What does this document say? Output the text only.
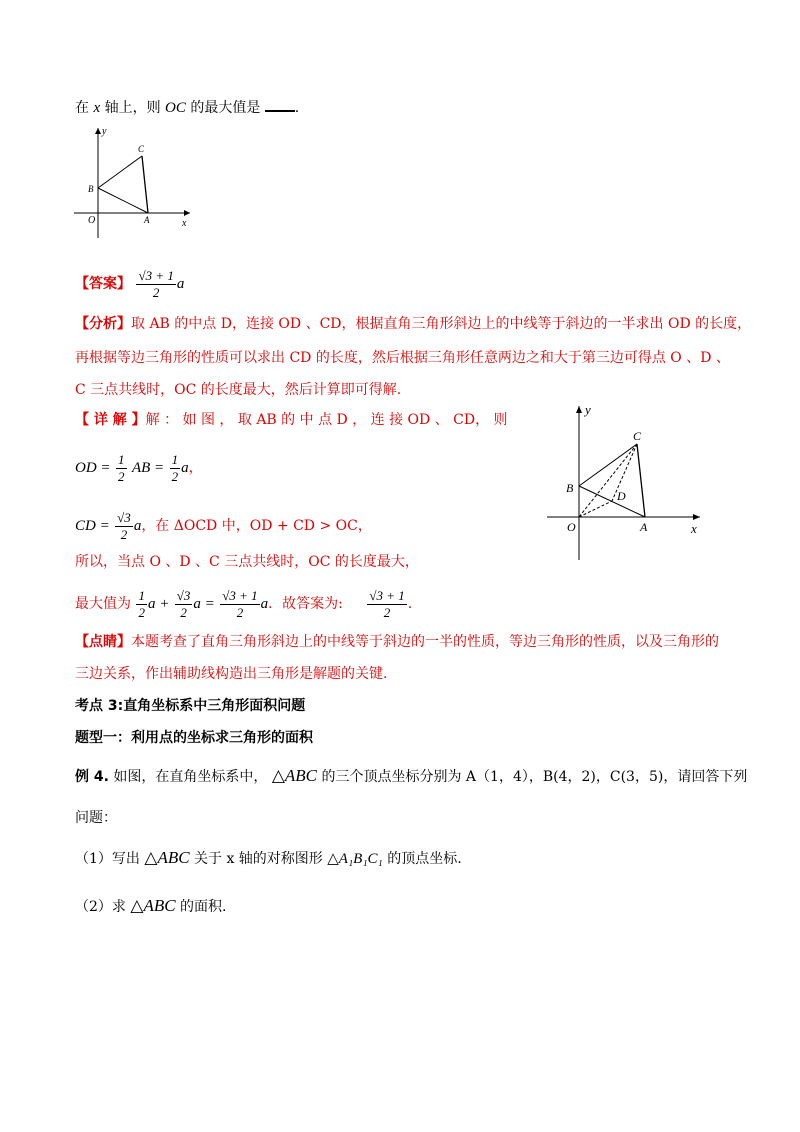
在 x 轴上，则 OC 的最大值是 .
y
x
O	A
B
C
【答案】 $\frac{√3 + 1}{2}$ a
【分析】取 AB 的中点 D，连接 OD 、CD，根据直角三角形斜边上的中线等于斜边的一半求出 OD 的长度，
再根据等边三角形的性质可以求出 CD 的长度，然后根据三角形任意两边之和大于第三边可得点 O 、D 、
C 三点共线时，OC 的长度最大，然后计算即可得解.
【 详 解 】解 ： 如 图 ， 取 AB 的 中 点 D ， 连 接 OD 、 CD， 则
OD = $\frac{1}{2}$ AB = $\frac{1}{2}$ a，
CD = $\frac{√3}{2}$ a，在 ΔOCD 中，OD + CD > OC，
所以，当点 O 、D 、C 三点共线时，OC 的长度最大，
最大值为 $\frac{1}{2}$ $a + \frac{√3}{2}$ $a = \frac{√3 + 1}{2}$ a．故答案为: $\frac{√3 + 1}{2}$ .
y
x
O	A
B
C
D
【点睛】本题考查了直角三角形斜边上的中线等于斜边的一半的性质，等边三角形的性质，以及三角形的
三边关系，作出辅助线构造出三角形是解题的关键.
考点 3:直角坐标系中三角形面积问题
题型一：利用点的坐标求三角形的面积
例 4. 如图，在直角坐标系中， △ABC 的三个顶点坐标分别为 A（1，4），B(4，2)，C(3，5)，请回答下列
问题：
（1）写出 △ABC 关于 x 轴的对称图形 △A₁B₁C₁ 的顶点坐标.
（2）求 △ABC 的面积.
